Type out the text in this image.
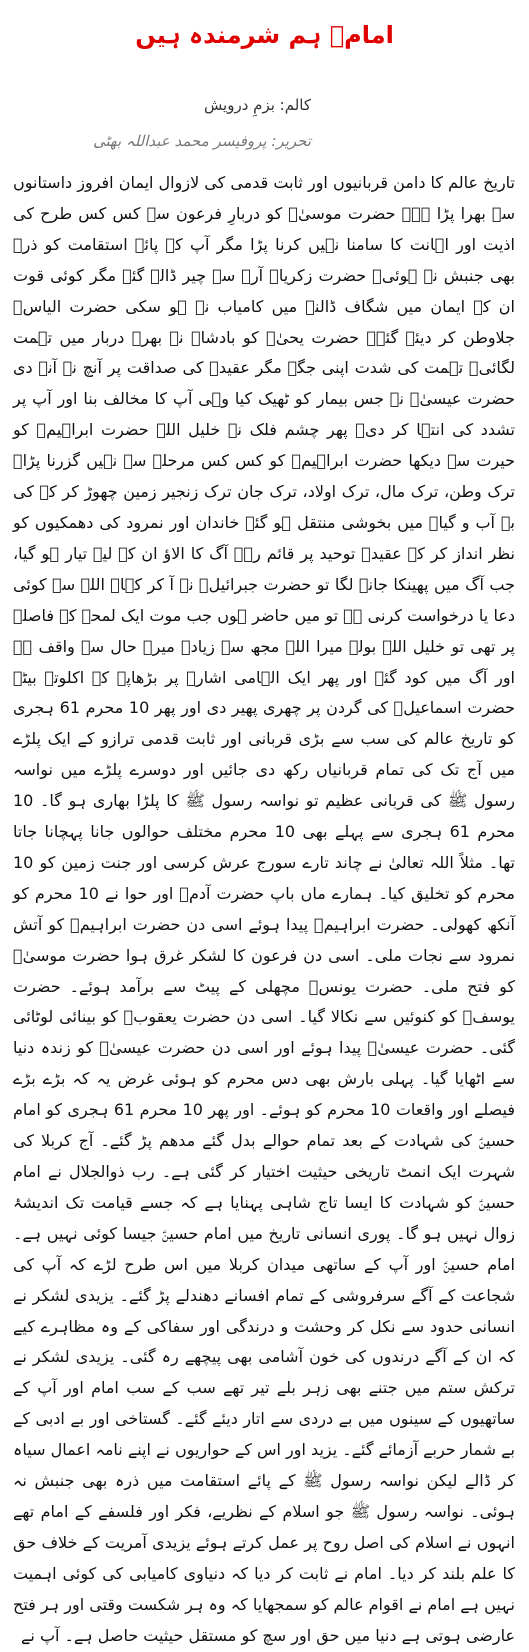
امامؑ ہم شرمندہ ہیں
کالم: بزمِ درویش
تحریر: پروفیسر محمد عبداللہ بھٹی

تاریخ عالم کا دامن قربانیوں اور ثابت قدمی کی لازوال ایمان افروز داستانوں سے بھرا پڑا ہے۔ حضرت موسیٰؑ کو دربارِ فرعون سے کس کس طرح کی اذیت اور اہانت کا سامنا نہیں کرنا پڑا مگر آپ کے پائے استقامت کو ذرہ بھی جنبش نہ ہوئی۔ حضرت زکریاؑ آرے سے چیر ڈالے گئے مگر کوئی قوت ان کے ایمان میں شگاف ڈالنے میں کامیاب نہ ہو سکی حضرت الیاسؑ جلاوطن کر دیئے گئے۔ حضرت یحیٰؑ کو بادشاہ نے بھرے دربار میں تہمت لگائی۔ تہمت کی شدت اپنی جگہ مگر عقیدے کی صداقت پر آنچ نہ آنے دی حضرت عیسیٰؑ نے جس بیمار کو ٹھیک کیا وہی آپ کا مخالف بنا اور آپ پر تشدد کی انتہا کر دی۔ پھر چشم فلک نے خلیل اللہ حضرت ابراہیمؑ کو حیرت سے دیکھا حضرت ابراہیمؑ کو کس کس مرحلے سے نہیں گزرنا پڑا۔ ترک وطن، ترک مال، ترک اولاد، ترک جان ترک زنجیر زمین چھوڑ کر کے کی بے آب و گیاہ میں بخوشی منتقل ہو گئے خاندان اور نمرود کی دھمکیوں کو نظر انداز کر کے عقیدہ توحید پر قائم رہے آگ کا الاؤ ان کے لیے تیار ہو گیا، جب آگ میں پھینکا جانے لگا تو حضرت جبرائیلؑ نے آ کر کہا۔ اللہ سے کوئی دعا یا درخواست کرنی ہے تو میں حاضر ہوں جب موت ایک لمحے کے فاصلے پر تھی تو خلیل اللہ بولے میرا اللہ مجھ سے زیادہ میرے حال سے واقف ہے اور آگ میں کود گئے اور پھر ایک الہامی اشارے پر بڑھاپے کے اکلوتے بیٹے حضرت اسماعیلؑ کی گردن پر چھری پھیر دی اور پھر 10 محرم 61 ہجری کو تاریخ عالم کی سب سے بڑی قربانی اور ثابت قدمی ترازو کے ایک پلڑے میں آج تک کی تمام قربانیاں رکھ دی جائیں اور دوسرے پلڑے میں نواسہ رسول ﷺ کی قربانی عظیم تو نواسہ رسول ﷺ کا پلڑا بھاری ہو گا۔ 10 محرم 61 ہجری سے پہلے بھی 10 محرم مختلف حوالوں جانا پہچانا جاتا تھا۔ مثلاً اللہ تعالیٰ نے چاند تارے سورج عرش کرسی اور جنت زمین کو 10 محرم کو تخلیق کیا۔ ہمارے ماں باپ حضرت آدمؑ اور حوا نے 10 محرم کو آنکھ کھولی۔ حضرت ابراہیمؑ پیدا ہوئے اسی دن حضرت ابراہیمؑ کو آتش نمرود سے نجات ملی۔ اسی دن فرعون کا لشکر غرق ہوا حضرت موسیٰؑ کو فتح ملی۔ حضرت یونسؑ مچھلی کے پیٹ سے برآمد ہوئے۔ حضرت یوسفؑ کو کنوئیں سے نکالا گیا۔ اسی دن حضرت یعقوبؑ کو بینائی لوٹائی گئی۔ حضرت عیسیٰؑ پیدا ہوئے اور اسی دن حضرت عیسیٰؑ کو زندہ دنیا سے اٹھایا گیا۔ پہلی بارش بھی دس محرم کو ہوئی غرض یہ کہ بڑے بڑے فیصلے اور واقعات 10 محرم کو ہوئے۔ اور پھر 10 محرم 61 ہجری کو امام حسینؑ کی شہادت کے بعد تمام حوالے بدل گئے مدھم پڑ گئے۔ آج کربلا کی شہرت ایک انمٹ تاریخی حیثیت اختیار کر گئی ہے۔ رب ذوالجلال نے امام حسینؑ کو شہادت کا ایسا تاج شاہی پہنایا ہے کہ جسے قیامت تک اندیشۂ زوال نہیں ہو گا۔ پوری انسانی تاریخ میں امام حسینؑ جیسا کوئی نہیں ہے۔ امام حسینؑ اور آپ کے ساتھی میدان کربلا میں اس طرح لڑے کہ آپ کی شجاعت کے آگے سرفروشی کے تمام افسانے دھندلے پڑ گئے۔ یزیدی لشکر نے انسانی حدود سے نکل کر وحشت و درندگی اور سفاکی کے وہ مظاہرے کیے کہ ان کے آگے درندوں کی خون آشامی بھی پیچھے رہ گئی۔ یزیدی لشکر نے ترکش ستم میں جتنے بھی زہر بلے تیر تھے سب کے سب امام اور آپ کے ساتھیوں کے سینوں میں بے دردی سے اتار دیئے گئے۔ گستاخی اور بے ادبی کے بے شمار حربے آزمائے گئے۔ یزید اور اس کے حواریوں نے اپنے نامہ اعمال سیاہ کر ڈالے لیکن نواسہ رسول ﷺ کے پائے استقامت میں ذرہ بھی جنبش نہ ہوئی۔ نواسہ رسول ﷺ جو اسلام کے نظریے، فکر اور فلسفے کے امام تھے انہوں نے اسلام کی اصل روح پر عمل کرتے ہوئے یزیدی آمریت کے خلاف حق کا علم بلند کر دیا۔ امام نے ثابت کر دیا کہ دنیاوی کامیابی کی کوئی اہمیت نہیں ہے امام نے اقوام عالم کو سمجھایا کہ وہ ہر شکست وقتی اور ہر فتح عارضی ہوتی ہے دنیا میں حق اور سچ کو مستقل حیثیت حاصل ہے۔ آپ نے
